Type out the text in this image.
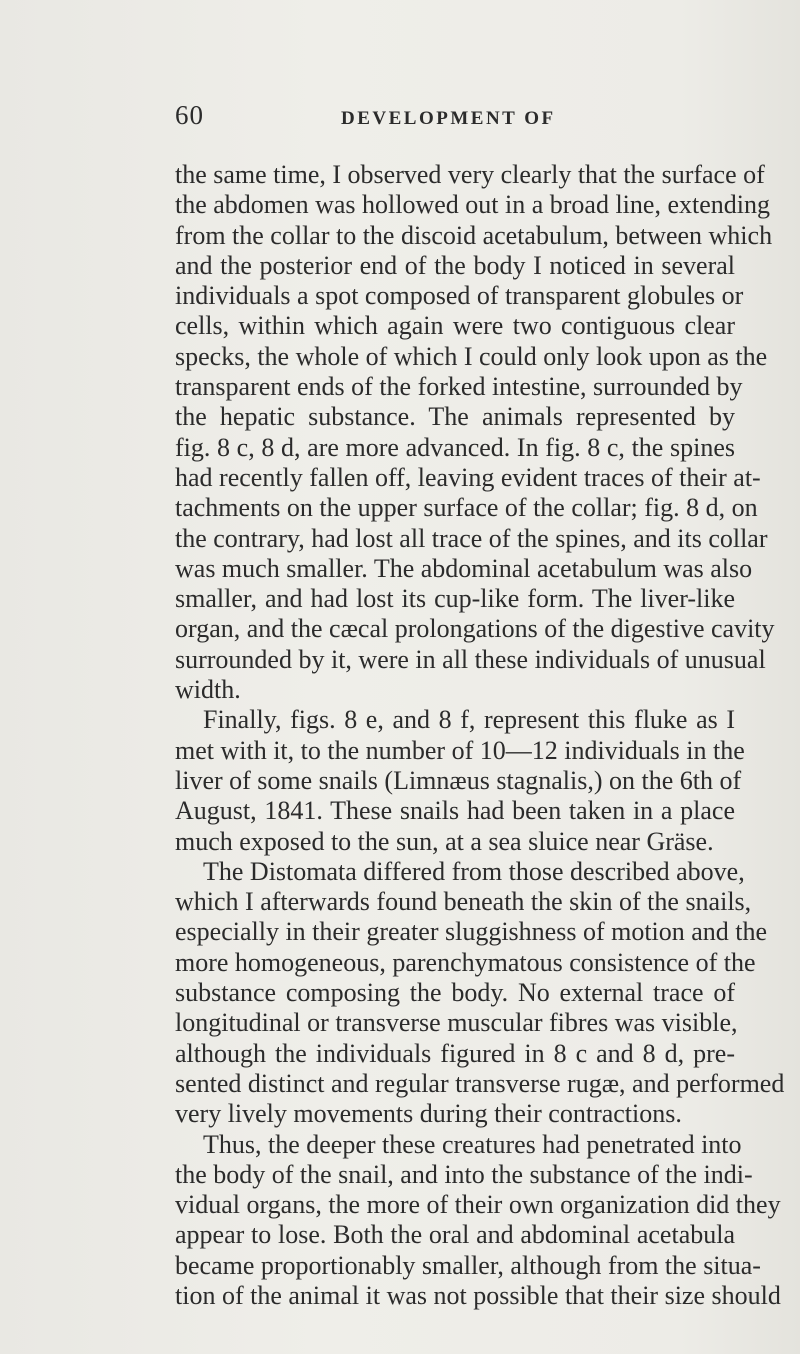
60	DEVELOPMENT OF
the same time, I observed very clearly that the surface of
the abdomen was hollowed out in a broad line, extending
from the collar to the discoid acetabulum, between which
and the posterior end of the body I noticed in several
individuals a spot composed of transparent globules or
cells, within which again were two contiguous clear
specks, the whole of which I could only look upon as the
transparent ends of the forked intestine, surrounded by
the hepatic substance. The animals represented by
fig. 8 c, 8 d, are more advanced. In fig. 8 c, the spines
had recently fallen off, leaving evident traces of their at-
tachments on the upper surface of the collar; fig. 8 d, on
the contrary, had lost all trace of the spines, and its collar
was much smaller. The abdominal acetabulum was also
smaller, and had lost its cup-like form. The liver-like
organ, and the cæcal prolongations of the digestive cavity
surrounded by it, were in all these individuals of unusual
width.
Finally, figs. 8 e, and 8 f, represent this fluke as I
met with it, to the number of 10—12 individuals in the
liver of some snails (Limnæus stagnalis,) on the 6th of
August, 1841. These snails had been taken in a place
much exposed to the sun, at a sea sluice near Gräse.
The Distomata differed from those described above,
which I afterwards found beneath the skin of the snails,
especially in their greater sluggishness of motion and the
more homogeneous, parenchymatous consistence of the
substance composing the body. No external trace of
longitudinal or transverse muscular fibres was visible,
although the individuals figured in 8 c and 8 d, pre-
sented distinct and regular transverse rugæ, and performed
very lively movements during their contractions.
Thus, the deeper these creatures had penetrated into
the body of the snail, and into the substance of the indi-
vidual organs, the more of their own organization did they
appear to lose. Both the oral and abdominal acetabula
became proportionably smaller, although from the situa-
tion of the animal it was not possible that their size should
